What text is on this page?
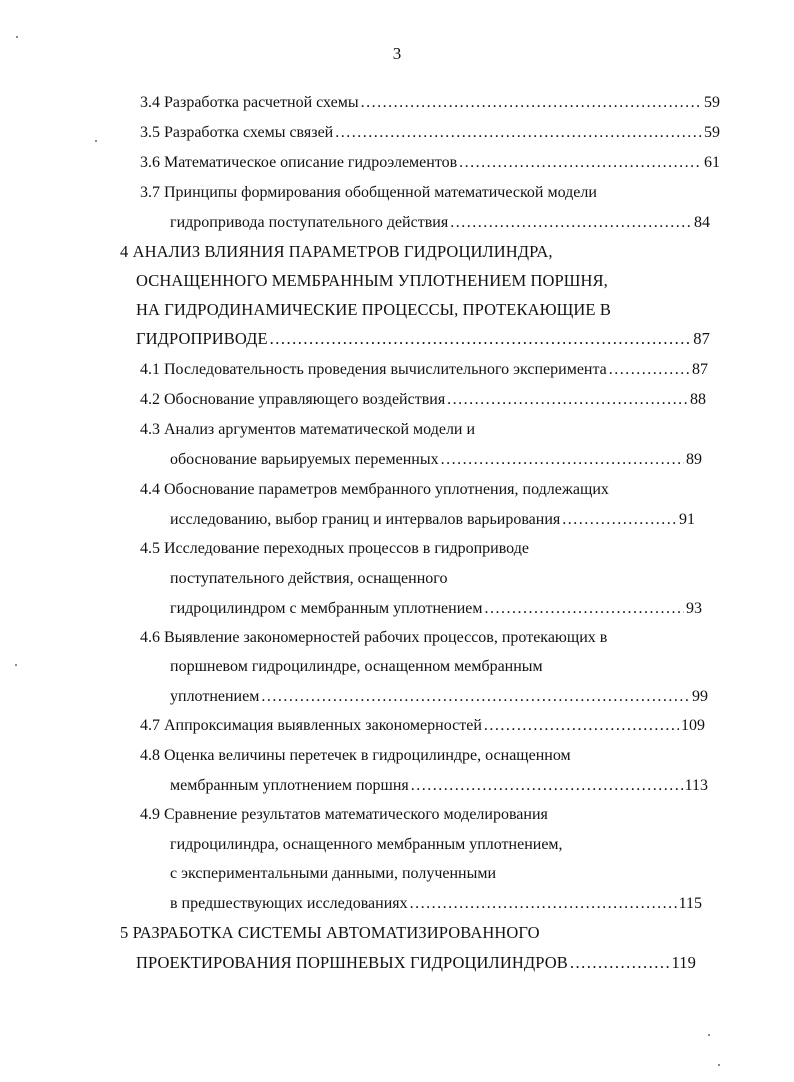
3
3.4 Разработка расчетной схемы .....	59
3.5 Разработка схемы связей .....	59
3.6 Математическое описание гидроэлементов .....	61
3.7 Принципы формирования обобщенной математической модели
гидропривода поступательного действия .....	84
4 АНАЛИЗ ВЛИЯНИЯ ПАРАМЕТРОВ ГИДРОЦИЛИНДРА,
ОСНАЩЕННОГО МЕМБРАННЫМ УПЛОТНЕНИЕМ ПОРШНЯ,
НА ГИДРОДИНАМИЧЕСКИЕ ПРОЦЕССЫ, ПРОТЕКАЮЩИЕ В
ГИДРОПРИВОДЕ .....	87
4.1 Последовательность проведения вычислительного эксперимента .....	87
4.2 Обоснование управляющего воздействия .....	88
4.3 Анализ аргументов математической модели и
обоснование варьируемых переменных .....	89
4.4 Обоснование параметров мембранного уплотнения, подлежащих
исследованию, выбор границ и интервалов варьирования .....	91
4.5 Исследование переходных процессов в гидроприводе
поступательного действия, оснащенного
гидроцилиндром с мембранным уплотнением .....	93
4.6 Выявление закономерностей рабочих процессов, протекающих в
поршневом гидроцилиндре, оснащенном мембранным
уплотнением .....	99
4.7 Аппроксимация выявленных закономерностей .....	109
4.8 Оценка величины перетечек в гидроцилиндре, оснащенном
мембранным уплотнением поршня .....	113
4.9 Сравнение результатов математического моделирования
гидроцилиндра, оснащенного мембранным уплотнением,
с экспериментальными данными, полученными
в предшествующих исследованиях .....	115
5 РАЗРАБОТКА СИСТЕМЫ АВТОМАТИЗИРОВАННОГО
ПРОЕКТИРОВАНИЯ ПОРШНЕВЫХ ГИДРОЦИЛИНДРОВ .....	119
